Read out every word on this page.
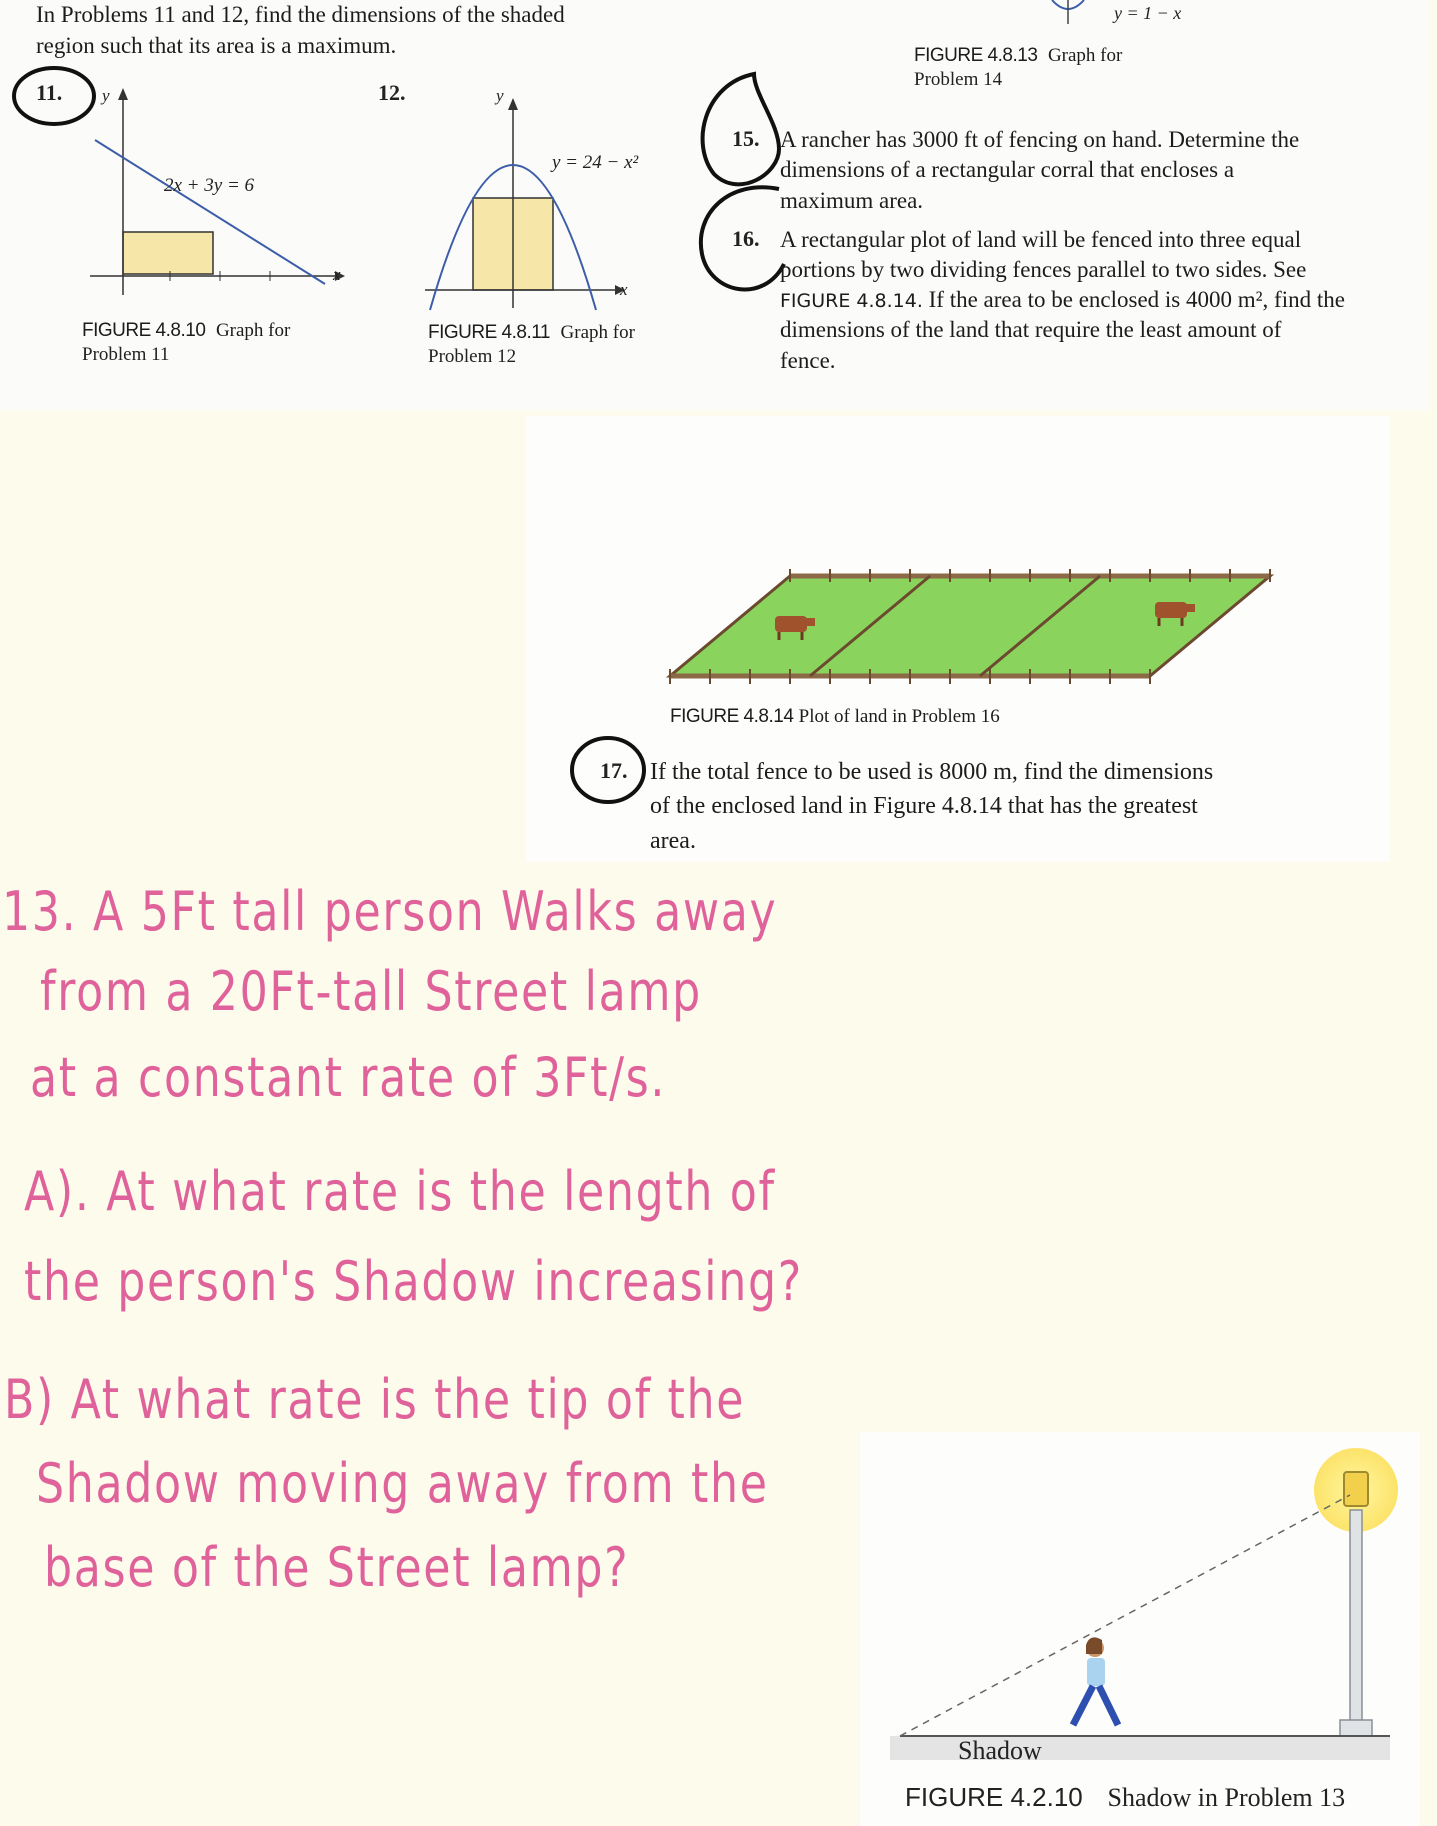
In Problems 11 and 12, find the dimensions of the shaded
region such that its area is a maximum.
y = 1 − x
FIGURE 4.8.13 Graph for
Problem 14
11. y
x
2x + 3y = 6
FIGURE 4.8.10 Graph for
Problem 11
12.	y
x
y = 24 − x²
FIGURE 4.8.11 Graph for
Problem 12
15. A rancher has 3000 ft of fencing on hand. Determine the
dimensions of a rectangular corral that encloses a
maximum area.
16. A rectangular plot of land will be fenced into three equal
portions by two dividing fences parallel to two sides. See
FIGURE 4.8.14. If the area to be enclosed is 4000 m², find the
dimensions of the land that require the least amount of
fence.
FIGURE 4.8.14 Plot of land in Problem 16
17. If the total fence to be used is 8000 m, find the dimensions
of the enclosed land in Figure 4.8.14 that has the greatest
area.
13. A 5Ft tall person Walks away
from a 20Ft-tall Street lamp
at a constant rate of 3Ft/s.
A). At what rate is the length of
the person's Shadow increasing?
B) At what rate is the tip of the
Shadow moving away from the
base of the Street lamp?
Shadow
FIGURE 4.2.10 Shadow in Problem 13
